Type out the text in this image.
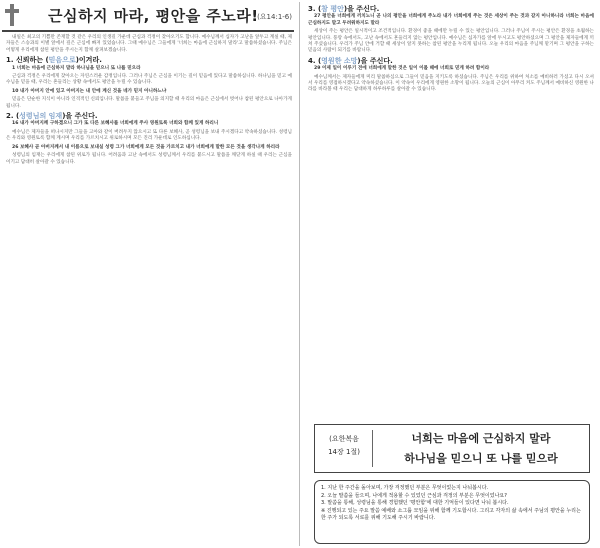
근심하지 마라, 평안을 주노라!
(요14:1-6)

내일은 최고의 기쁨만 존재할 것 같은 우리의 인생길 가운데 근심과 걱정이 찾아오기도 합니다. 예수님께서 십자가 고난을 앞두고 계실 때, 제자들은 스승과의 이별 앞에서 깊은 근심에 빠져 있었습니다. 그때 예수님은 그들에게 '너희는 마음에 근심하지 말라'고 말씀하셨습니다. 주님은 어떻게 우리에게 참된 평안을 주시는지 함께 살펴보겠습니다.

1. 신뢰하는 (믿음으로)이겨라.

1 너희는 마음에 근심하지 말라 하나님을 믿으니 또 나를 믿으라

근심과 걱정은 우리에게 찾아오는 자연스러운 감정입니다. 그러나 주님은 근심을 이기는 길이 믿음에 있다고 말씀하십니다. 하나님을 믿고 예수님을 믿을 때, 우리는 흔들리는 상황 속에서도 평안을 누릴 수 있습니다.

10 내가 아버지 안에 있고 아버지는 내 안에 계신 것을 네가 믿지 아니하느냐

믿음은 단순한 지식이 아니라 인격적인 신뢰입니다. 말씀을 붙들고 주님을 의지할 때 우리의 마음은 근심에서 벗어나 참된 평안으로 나아가게 됩니다.

2. (성령님의 임재)을 주신다.

16 내가 아버지께 구하겠으니 그가 또 다른 보혜사를 너희에게 주사 영원토록 너희와 함께 있게 하리니

예수님은 제자들을 떠나시지만 그들을 고아와 같이 버려두지 않으시고 또 다른 보혜사, 곧 성령님을 보내 주시겠다고 약속하셨습니다. 성령님은 우리와 영원토록 함께 계시며 우리를 가르치시고 위로하시며 모든 진리 가운데로 인도하십니다.

26 보혜사 곧 아버지께서 내 이름으로 보내실 성령 그가 너희에게 모든 것을 가르치고 내가 너희에게 말한 모든 것을 생각나게 하리라

성령님의 임재는 우리에게 참된 위로가 됩니다. 어려움과 고난 속에서도 성령님께서 우리를 붙드시고 말씀을 깨닫게 하실 때 우리는 근심을 이기고 담대히 살아갈 수 있습니다.

3. (참 평안)을 주신다.

27 평안을 너희에게 끼치노니 곧 나의 평안을 너희에게 주노라 내가 너희에게 주는 것은 세상이 주는 것과 같지 아니하니라 너희는 마음에 근심하지도 말고 두려워하지도 말라

세상이 주는 평안은 일시적이고 조건적입니다. 환경이 좋을 때에만 누릴 수 있는 평안입니다. 그러나 주님이 주시는 평안은 환경을 초월하는 평안입니다. 풍랑 속에서도, 고난 속에서도 흔들리지 않는 평안입니다. 예수님은 십자가를 앞에 두시고도 평안하셨으며 그 평안을 제자들에게 끼쳐 주셨습니다. 우리가 주님 안에 거할 때 세상이 알지 못하는 참된 평안을 누리게 됩니다. 오늘 우리의 마음을 주님께 맡기며 그 평안을 구하는 믿음의 사람이 되기를 바랍니다.

4. (영원한 소망)을 주신다.

29 이제 일이 이루기 전에 너희에게 말한 것은 일이 이룰 때에 너희로 믿게 하려 함이라

예수님께서는 제자들에게 미리 말씀하심으로 그들이 믿음을 지키도록 하셨습니다. 주님은 우리를 위하여 처소를 예비하러 가셨고 다시 오셔서 우리를 영접하시겠다고 약속하셨습니다. 이 약속이 우리에게 영원한 소망이 됩니다. 오늘의 근심이 아무리 커도 주님께서 예비하신 영원한 나라를 바라볼 때 우리는 담대하게 하루하루를 살아갈 수 있습니다.

(요한복음
14장 1절)
너희는 마음에 근심하지 말라
하나님을 믿으니 또 나를 믿으라
1. 지난 한 주간을 돌아보며, 가장 걱정했던 부분은 무엇이었는지 나눠봅시다.
2. 오늘 말씀을 들으며, 나에게 적용할 수 있었던 근심과 걱정의 부분은 무엇이었나요?
3. 말씀을 통해, 성령님을 통해 경험했던 '평안함'에 대한 기억들이 있다면 나눠 봅시다.
※ 진행되고 있는 주요 말씀 예배와 소그룹 모임을 위해 함께 기도합시다. 그리고 각자의 삶 속에서 주님의 평안을 누리는 한 주가 되도록 서로를 위해 기도해 주시기 바랍니다.
